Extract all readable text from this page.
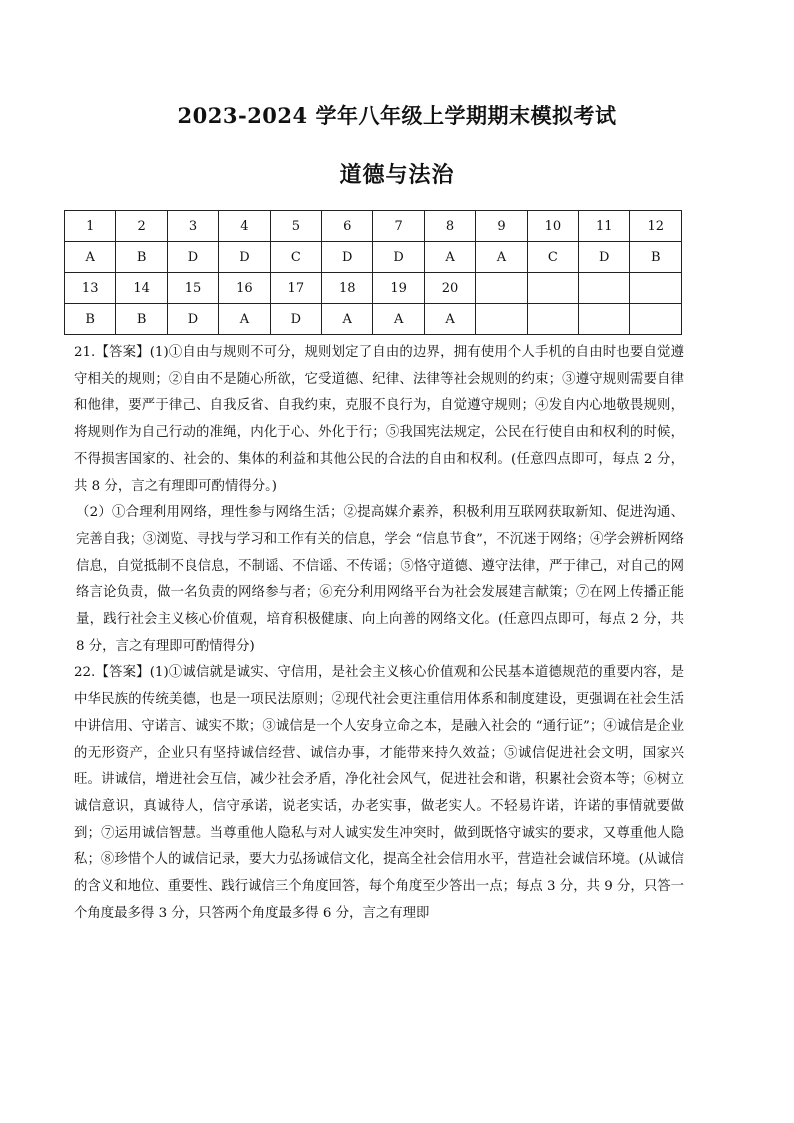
2023-2024 学年八年级上学期期末模拟考试
道德与法治
1	2	3	4	5	6	7	8	9	10	11	12
A	B	D	D	C	D	D	A	A	C	D	B
13	14	15	16	17	18	19	20				
B	B	D	A	D	A	A	A				

21.【答案】(1)①自由与规则不可分，规则划定了自由的边界，拥有使用个人手机的自由时也要自觉遵守相关的规则；②自由不是随心所欲，它受道德、纪律、法律等社会规则的约束；③遵守规则需要自律和他律，要严于律己、自我反省、自我约束，克服不良行为，自觉遵守规则；④发自内心地敬畏规则，将规则作为自己行动的准绳，内化于心、外化于行；⑤我国宪法规定，公民在行使自由和权利的时候，不得损害国家的、社会的、集体的利益和其他公民的合法的自由和权利。(任意四点即可，每点 2 分，共 8 分，言之有理即可酌情得分。)

（2）①合理利用网络，理性参与网络生活；②提高媒介素养，积极利用互联网获取新知、促进沟通、完善自我；③浏览、寻找与学习和工作有关的信息，学会 “信息节食”，不沉迷于网络；④学会辨析网络信息，自觉抵制不良信息，不制谣、不信谣、不传谣；⑤恪守道德、遵守法律，严于律己，对自己的网络言论负责，做一名负责的网络参与者；⑥充分利用网络平台为社会发展建言献策；⑦在网上传播正能量，践行社会主义核心价值观，培育积极健康、向上向善的网络文化。(任意四点即可，每点 2 分，共 8 分，言之有理即可酌情得分)

22.【答案】(1)①诚信就是诚实、守信用，是社会主义核心价值观和公民基本道德规范的重要内容，是中华民族的传统美德，也是一项民法原则；②现代社会更注重信用体系和制度建设，更强调在社会生活中讲信用、守诺言、诚实不欺；③诚信是一个人安身立命之本，是融入社会的 “通行证”；④诚信是企业的无形资产，企业只有坚持诚信经营、诚信办事，才能带来持久效益；⑤诚信促进社会文明，国家兴旺。讲诚信，增进社会互信，减少社会矛盾，净化社会风气，促进社会和谐，积累社会资本等；⑥树立诚信意识，真诚待人，信守承诺，说老实话，办老实事，做老实人。不轻易许诺，许诺的事情就要做到；⑦运用诚信智慧。当尊重他人隐私与对人诚实发生冲突时，做到既恪守诚实的要求，又尊重他人隐私；⑧珍惜个人的诚信记录，要大力弘扬诚信文化，提高全社会信用水平，营造社会诚信环境。(从诚信的含义和地位、重要性、践行诚信三个角度回答，每个角度至少答出一点；每点 3 分，共 9 分，只答一个角度最多得 3 分，只答两个角度最多得 6 分，言之有理即
